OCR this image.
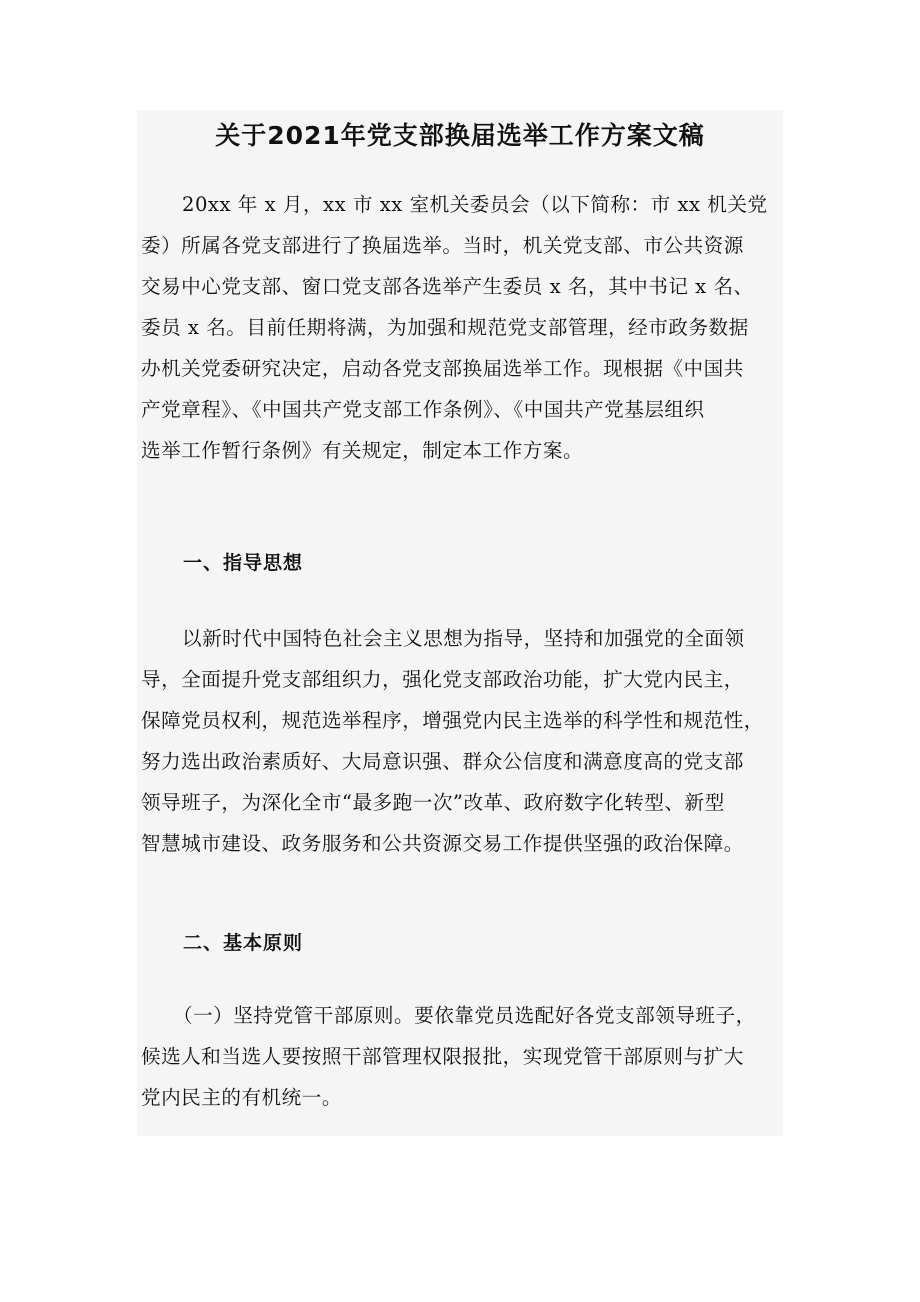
关于2021年党支部换届选举工作方案文稿
20xx 年 x 月，xx 市 xx 室机关委员会（以下简称：市 xx 机关党
委）所属各党支部进行了换届选举。当时，机关党支部、市公共资源
交易中心党支部、窗口党支部各选举产生委员 x 名，其中书记 x 名、
委员 x 名。目前任期将满，为加强和规范党支部管理，经市政务数据
办机关党委研究决定，启动各党支部换届选举工作。现根据《中国共
产党章程》、《中国共产党支部工作条例》、《中国共产党基层组织
选举工作暂行条例》有关规定，制定本工作方案。
一、指导思想
以新时代中国特色社会主义思想为指导，坚持和加强党的全面领
导，全面提升党支部组织力，强化党支部政治功能，扩大党内民主，
保障党员权利，规范选举程序，增强党内民主选举的科学性和规范性，
努力选出政治素质好、大局意识强、群众公信度和满意度高的党支部
领导班子，为深化全市“最多跑一次”改革、政府数字化转型、新型
智慧城市建设、政务服务和公共资源交易工作提供坚强的政治保障。
二、基本原则
（一）坚持党管干部原则。要依靠党员选配好各党支部领导班子，
候选人和当选人要按照干部管理权限报批，实现党管干部原则与扩大
党内民主的有机统一。
